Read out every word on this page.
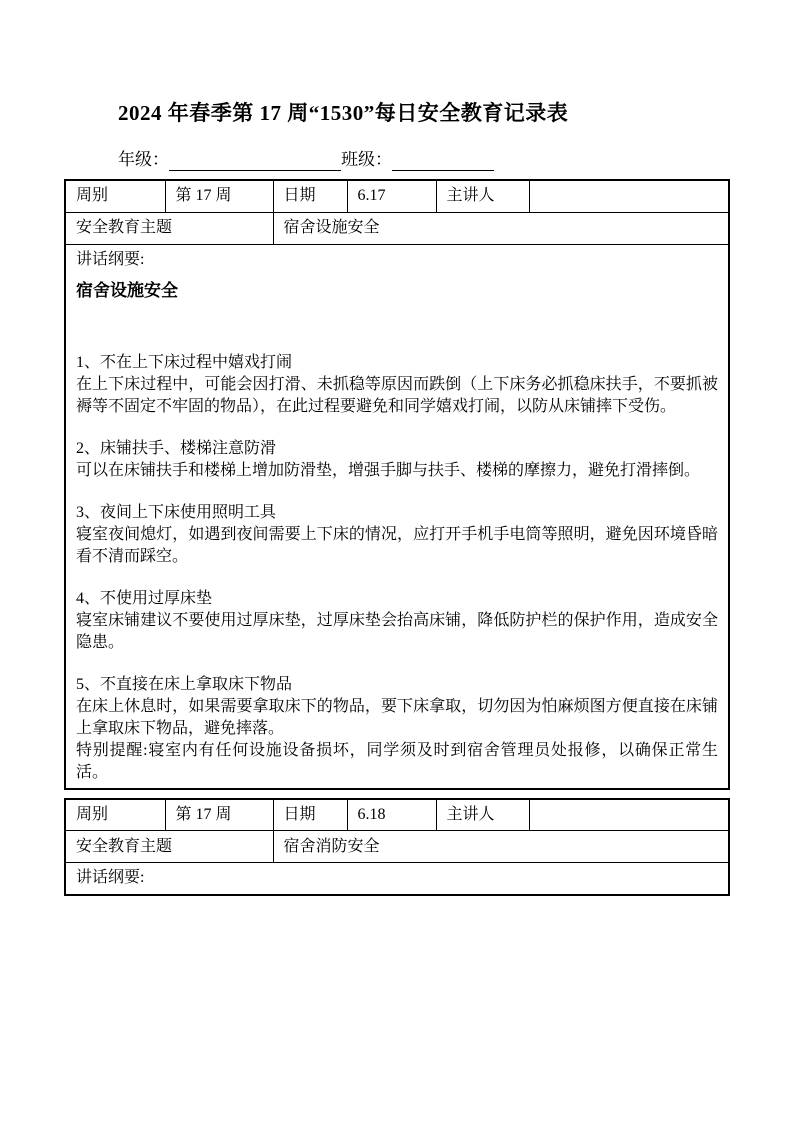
2024 年春季第 17 周“1530”每日安全教育记录表
年级：	班级：
周别	第 17 周	日期	6.17	主讲人	
安全教育主题		宿舍设施安全			

讲话纲要:
宿舍设施安全
1、不在上下床过程中嬉戏打闹
在上下床过程中，可能会因打滑、未抓稳等原因而跌倒（上下床务必抓稳床扶手，不要抓被褥等不固定不牢固的物品），在此过程要避免和同学嬉戏打闹，以防从床铺摔下受伤。
2、床铺扶手、楼梯注意防滑
可以在床铺扶手和楼梯上增加防滑垫，增强手脚与扶手、楼梯的摩擦力，避免打滑摔倒。
3、夜间上下床使用照明工具
寝室夜间熄灯，如遇到夜间需要上下床的情况，应打开手机手电筒等照明，避免因环境昏暗看不清而踩空。
4、不使用过厚床垫
寝室床铺建议不要使用过厚床垫，过厚床垫会抬高床铺，降低防护栏的保护作用，造成安全隐患。
5、不直接在床上拿取床下物品
在床上休息时，如果需要拿取床下的物品，要下床拿取，切勿因为怕麻烦图方便直接在床铺上拿取床下物品，避免摔落。
特别提醒:寝室内有任何设施设备损坏，同学须及时到宿舍管理员处报修，以确保正常生活。
周别	第 17 周	日期	6.18	主讲人	
安全教育主题		宿舍消防安全			
讲话纲要:					
